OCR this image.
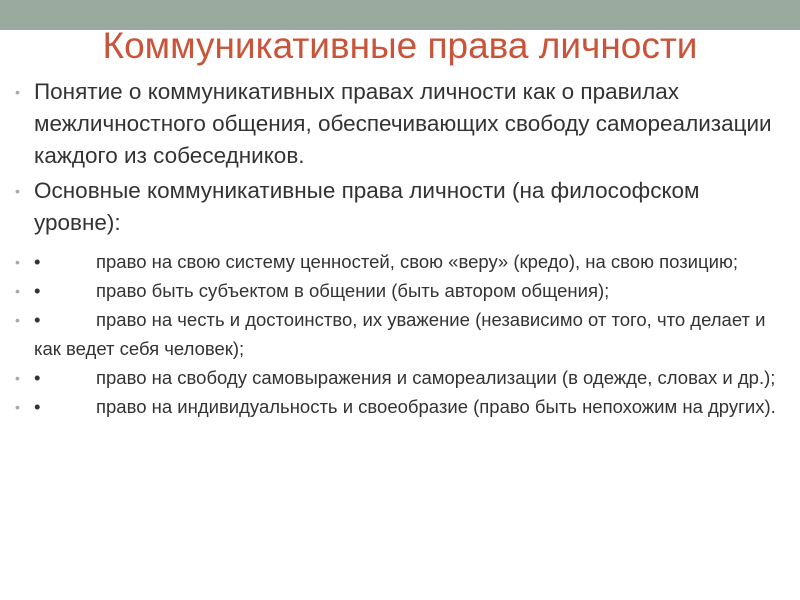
Коммуникативные права личности
• Понятие о коммуникативных правах личности как о правилах межличностного общения, обеспечивающих свободу самореализации каждого из собеседников.
• Основные коммуникативные права личности (на философском уровне):
• •	право на свою систему ценностей, свою «веру» (кредо), на свою позицию;
• •	право быть субъектом в общении (быть автором общения);
• •	право на честь и достоинство, их уважение (независимо от того, что делает и как ведет себя человек);
• •	право на свободу самовыражения и самореализации (в одежде, словах и др.);
• •	право на индивидуальность и своеобразие (право быть непохожим на других).
